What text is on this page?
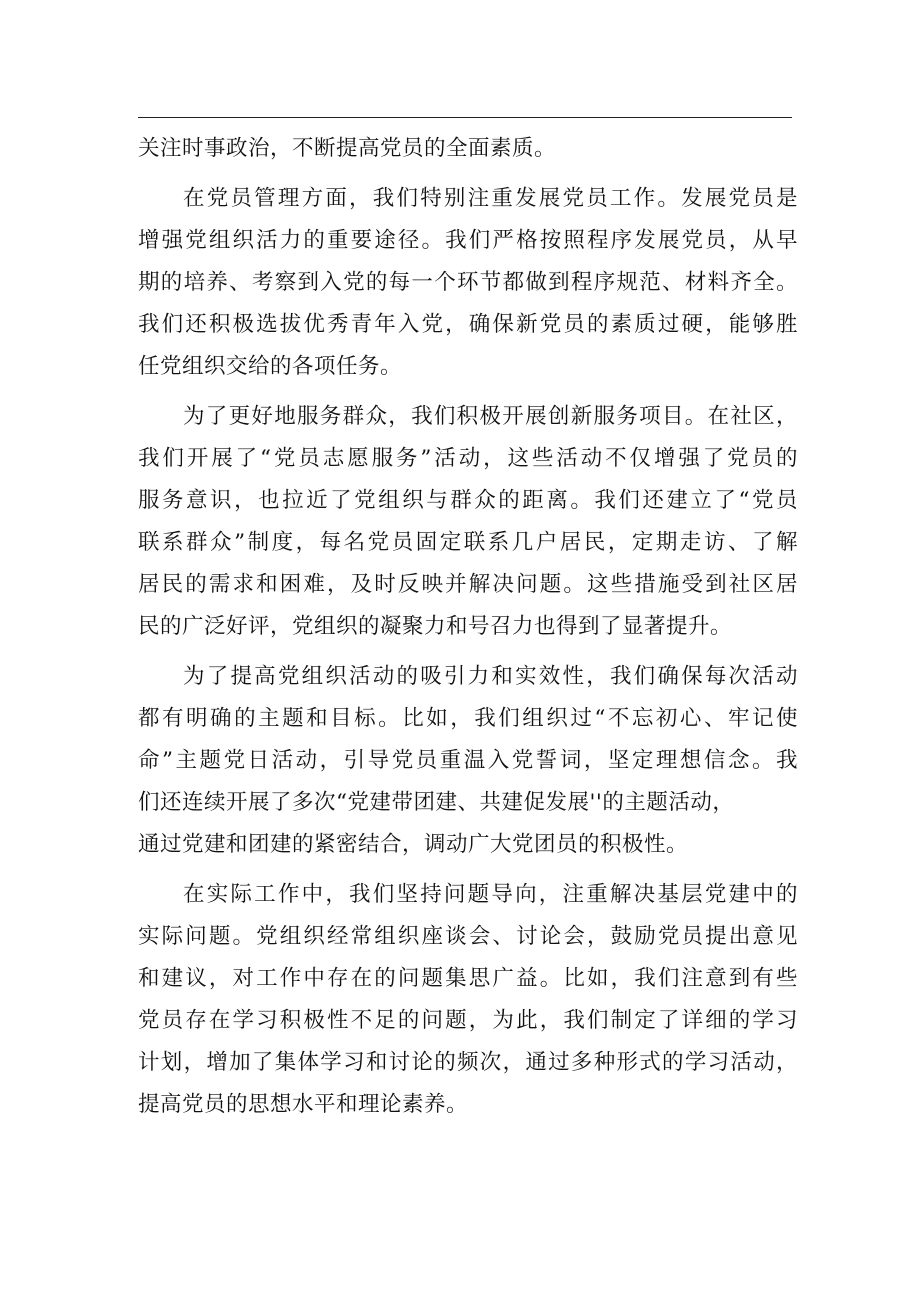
关注时事政治，不断提高党员的全面素质。
在党员管理方面，我们特别注重发展党员工作。发展党员是
增强党组织活力的重要途径。我们严格按照程序发展党员，从早
期的培养、考察到入党的每一个环节都做到程序规范、材料齐全。
我们还积极选拔优秀青年入党，确保新党员的素质过硬，能够胜
任党组织交给的各项任务。
为了更好地服务群众，我们积极开展创新服务项目。在社区，
我们开展了“党员志愿服务”活动，这些活动不仅增强了党员的
服务意识，也拉近了党组织与群众的距离。我们还建立了“党员
联系群众”制度，每名党员固定联系几户居民，定期走访、了解
居民的需求和困难，及时反映并解决问题。这些措施受到社区居
民的广泛好评，党组织的凝聚力和号召力也得到了显著提升。
为了提高党组织活动的吸引力和实效性，我们确保每次活动
都有明确的主题和目标。比如，我们组织过“不忘初心、牢记使
命”主题党日活动，引导党员重温入党誓词，坚定理想信念。我
们还连续开展了多次“党建带团建、共建促发展''的主题活动，
通过党建和团建的紧密结合，调动广大党团员的积极性。
在实际工作中，我们坚持问题导向，注重解决基层党建中的
实际问题。党组织经常组织座谈会、讨论会，鼓励党员提出意见
和建议，对工作中存在的问题集思广益。比如，我们注意到有些
党员存在学习积极性不足的问题，为此，我们制定了详细的学习
计划，增加了集体学习和讨论的频次，通过多种形式的学习活动，
提高党员的思想水平和理论素养。
